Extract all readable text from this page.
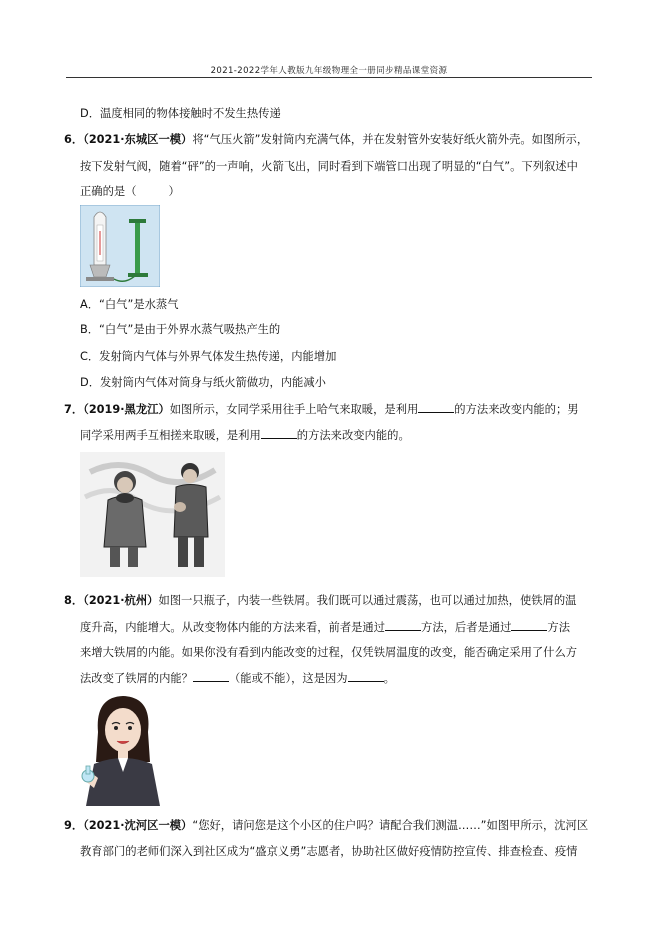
2021-2022学年人教版九年级物理全一册同步精品课堂资源
D．温度相同的物体接触时不发生热传递
6．（2021·东城区一模）将“气压火箭”发射筒内充满气体，并在发射管外安装好纸火箭外壳。如图所示，
按下发射气阀，随着“砰”的一声响，火箭飞出，同时看到下端管口出现了明显的“白气”。下列叙述中
正确的是（	）
A．“白气”是水蒸气
B．“白气”是由于外界水蒸气吸热产生的
C．发射筒内气体与外界气体发生热传递，内能增加
D．发射筒内气体对筒身与纸火箭做功，内能减小
7．（2019·黑龙江）如图所示，女同学采用往手上哈气来取暖，是利用	的方法来改变内能的；男
同学采用两手互相搓来取暖，是利用	的方法来改变内能的。
8．（2021·杭州）如图一只瓶子，内装一些铁屑。我们既可以通过震荡，也可以通过加热，使铁屑的温
度升高，内能增大。从改变物体内能的方法来看，前者是通过	方法，后者是通过	方法
来增大铁屑的内能。如果你没有看到内能改变的过程，仅凭铁屑温度的改变，能否确定采用了什么方
法改变了铁屑的内能？	（能或不能），这是因为	。
9．（2021·沈河区一模）“您好，请问您是这个小区的住户吗？请配合我们测温……”如图甲所示，沈河区
教育部门的老师们深入到社区成为“盛京义勇”志愿者，协助社区做好疫情防控宣传、排查检查、疫情
